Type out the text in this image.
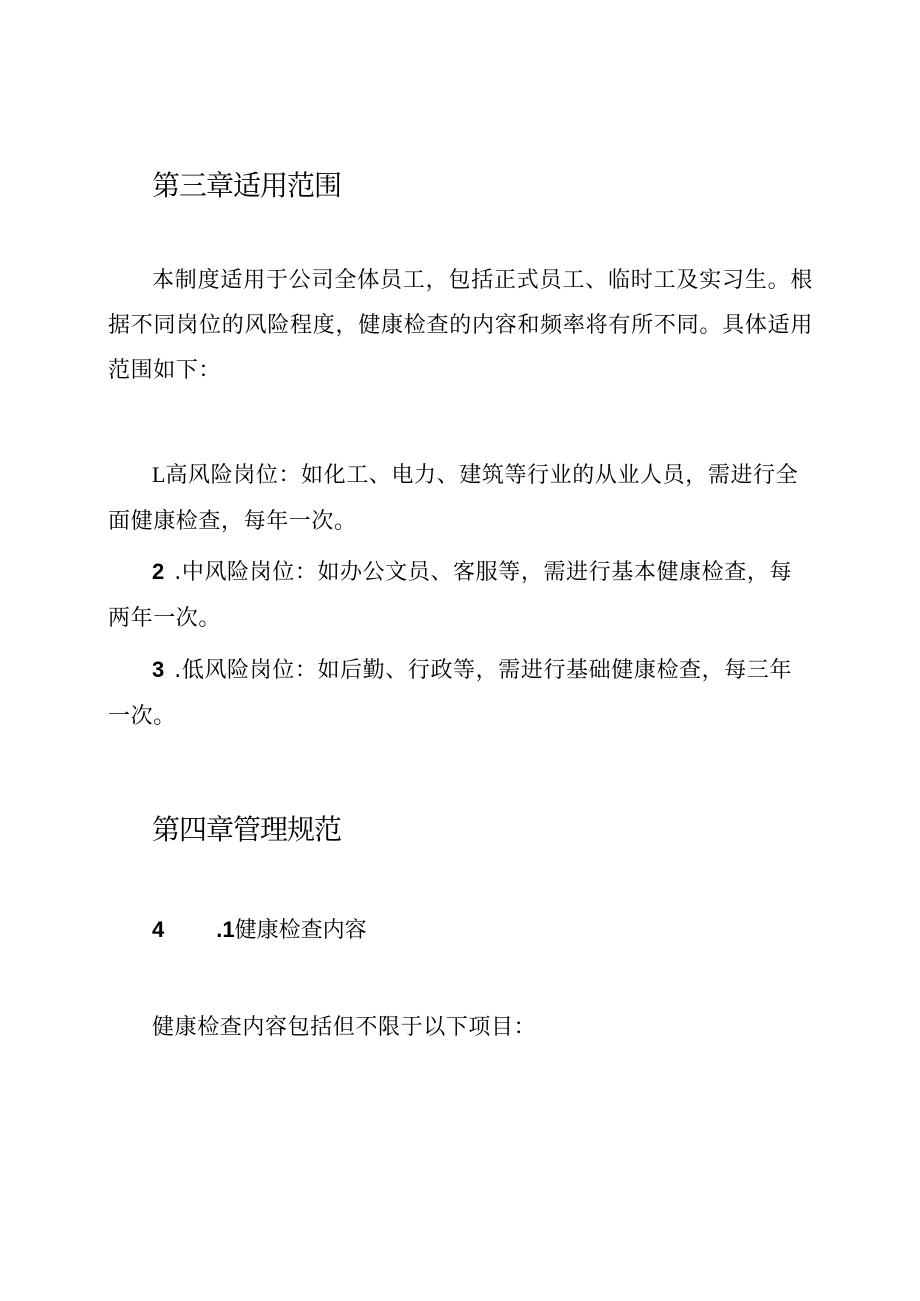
第三章适用范围

本制度适用于公司全体员工，包括正式员工、临时工及实习生。根据不同岗位的风险程度，健康检查的内容和频率将有所不同。具体适用范围如下：

L高风险岗位：如化工、电力、建筑等行业的从业人员，需进行全面健康检查，每年一次。

2 .中风险岗位：如办公文员、客服等，需进行基本健康检查，每两年一次。

3 .低风险岗位：如后勤、行政等，需进行基础健康检查，每三年一次。

第四章管理规范

4 .1健康检查内容

健康检查内容包括但不限于以下项目：
